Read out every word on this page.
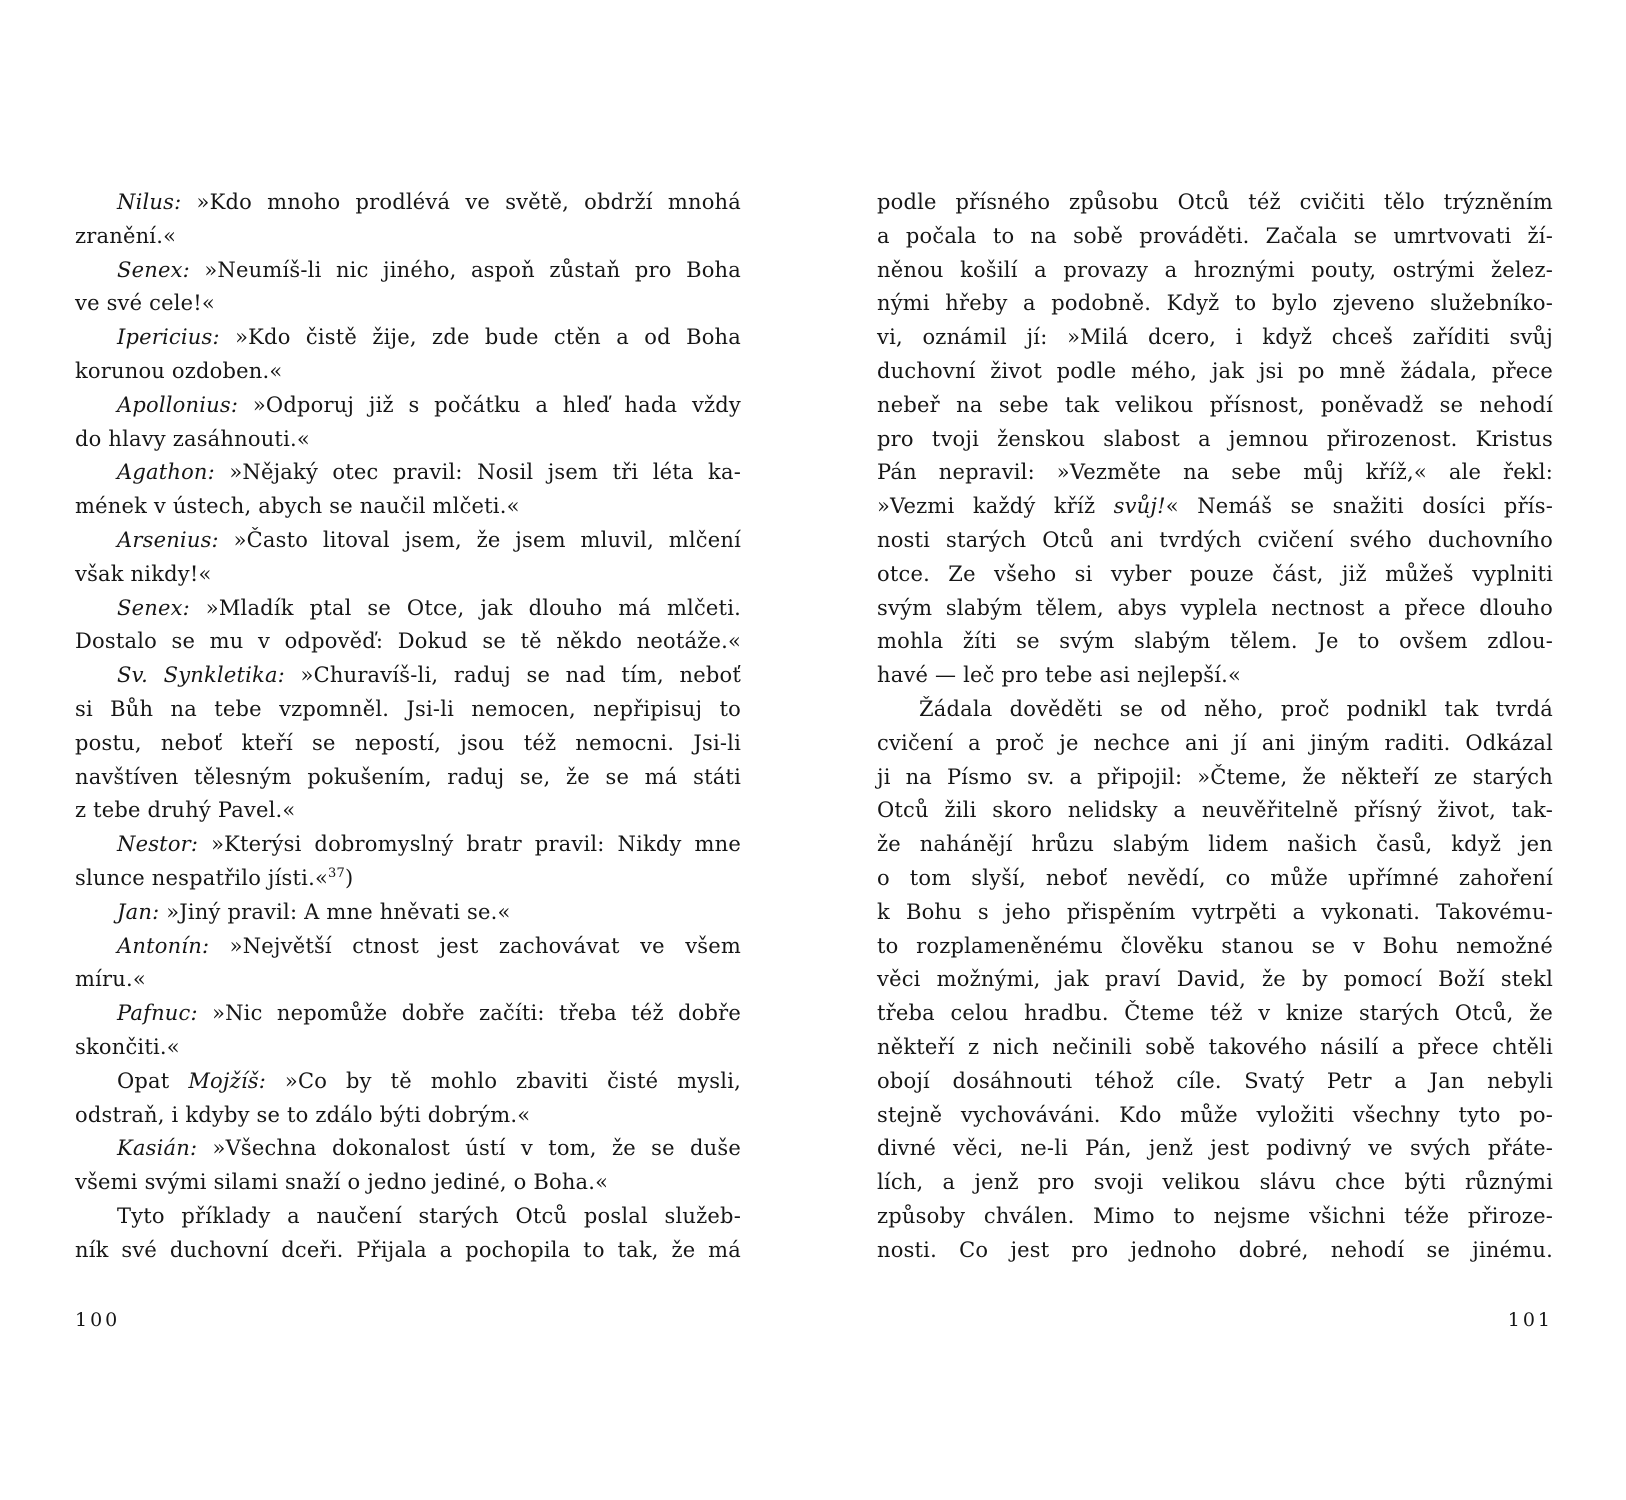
Nilus: »Kdo mnoho prodlévá ve světě, obdrží mnohá
zranění.«
Senex: »Neumíš-li nic jiného, aspoň zůstaň pro Boha
ve své cele!«
Ipericius: »Kdo čistě žije, zde bude ctěn a od Boha
korunou ozdoben.«
Apollonius: »Odporuj již s počátku a hleď hada vždy
do hlavy zasáhnouti.«
Agathon: »Nějaký otec pravil: Nosil jsem tři léta ka-
mének v ústech, abych se naučil mlčeti.«
Arsenius: »Často litoval jsem, že jsem mluvil, mlčení
však nikdy!«
Senex: »Mladík ptal se Otce, jak dlouho má mlčeti.
Dostalo se mu v odpověď: Dokud se tě někdo neotáže.«
Sv. Synkletika: »Churavíš-li, raduj se nad tím, neboť
si Bůh na tebe vzpomněl. Jsi-li nemocen, nepřipisuj to
postu, neboť kteří se nepostí, jsou též nemocni. Jsi-li
navštíven tělesným pokušením, raduj se, že se má státi
z tebe druhý Pavel.«
Nestor: »Kterýsi dobromyslný bratr pravil: Nikdy mne
slunce nespatřilo jísti.«$^{37}$)
Jan: »Jiný pravil: A mne hněvati se.«
Antonín: »Největší ctnost jest zachovávat ve všem
míru.«
Pafnuc: »Nic nepomůže dobře začíti: třeba též dobře
skončiti.«
Opat Mojžíš: »Co by tě mohlo zbaviti čisté mysli,
odstraň, i kdyby se to zdálo býti dobrým.«
Kasián: »Všechna dokonalost ústí v tom, že se duše
všemi svými silami snaží o jedno jediné, o Boha.«
Tyto příklady a naučení starých Otců poslal služeb-
ník své duchovní dceři. Přijala a pochopila to tak, že má
podle přísného způsobu Otců též cvičiti tělo trýzněním
a počala to na sobě prováděti. Začala se umrtvovati ží-
něnou košilí a provazy a hroznými pouty, ostrými želez-
nými hřeby a podobně. Když to bylo zjeveno služebníko-
vi, oznámil jí: »Milá dcero, i když chceš zaříditi svůj
duchovní život podle mého, jak jsi po mně žádala, přece
nebeř na sebe tak velikou přísnost, poněvadž se nehodí
pro tvoji ženskou slabost a jemnou přirozenost. Kristus
Pán nepravil: »Vezměte na sebe můj kříž,« ale řekl:
»Vezmi každý kříž svůj!« Nemáš se snažiti dosíci přís-
nosti starých Otců ani tvrdých cvičení svého duchovního
otce. Ze všeho si vyber pouze část, již můžeš vyplniti
svým slabým tělem, abys vyplela nectnost a přece dlouho
mohla žíti se svým slabým tělem. Je to ovšem zdlou-
havé — leč pro tebe asi nejlepší.«
Žádala dověděti se od něho, proč podnikl tak tvrdá
cvičení a proč je nechce ani jí ani jiným raditi. Odkázal
ji na Písmo sv. a připojil: »Čteme, že někteří ze starých
Otců žili skoro nelidsky a neuvěřitelně přísný život, tak-
že nahánějí hrůzu slabým lidem našich časů, když jen
o tom slyší, neboť nevědí, co může upřímné zahoření
k Bohu s jeho přispěním vytrpěti a vykonati. Takovému-
to rozplameněnému člověku stanou se v Bohu nemožné
věci možnými, jak praví David, že by pomocí Boží stekl
třeba celou hradbu. Čteme též v knize starých Otců, že
někteří z nich nečinili sobě takového násilí a přece chtěli
obojí dosáhnouti téhož cíle. Svatý Petr a Jan nebyli
stejně vychováváni. Kdo může vyložiti všechny tyto po-
divné věci, ne-li Pán, jenž jest podivný ve svých přáte-
lích, a jenž pro svoji velikou slávu chce býti různými
způsoby chválen. Mimo to nejsme všichni téže přiroze-
nosti. Co jest pro jednoho dobré, nehodí se jinému.
100	101
